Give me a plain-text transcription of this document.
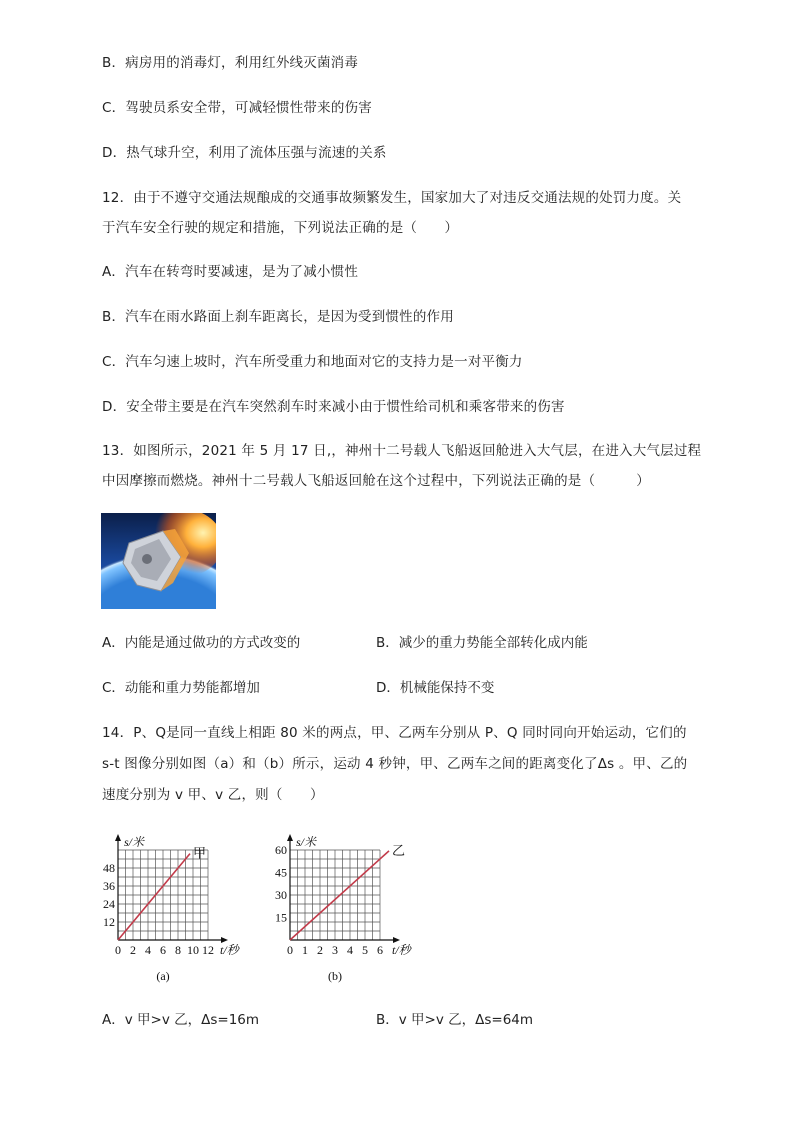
B．病房用的消毒灯，利用红外线灭菌消毒
C．驾驶员系安全带，可减轻惯性带来的伤害
D．热气球升空，利用了流体压强与流速的关系
12．由于不遵守交通法规酿成的交通事故频繁发生，国家加大了对违反交通法规的处罚力度。关
于汽车安全行驶的规定和措施，下列说法正确的是（　　）
A．汽车在转弯时要减速，是为了减小惯性
B．汽车在雨水路面上刹车距离长，是因为受到惯性的作用
C．汽车匀速上坡时，汽车所受重力和地面对它的支持力是一对平衡力
D．安全带主要是在汽车突然刹车时来减小由于惯性给司机和乘客带来的伤害
13．如图所示，2021 年 5 月 17 日,，神州十二号载人飞船返回舱进入大气层，在进入大气层过程
中因摩擦而燃烧。神州十二号载人飞船返回舱在这个过程中，下列说法正确的是（　　　）
A．内能是通过做功的方式改变的	B．减少的重力势能全部转化成内能
C．动能和重力势能都增加	D．机械能保持不变
14．P、Q是同一直线上相距 80 米的两点，甲、乙两车分别从 P、Q 同时同向开始运动，它们的
s-t 图像分别如图（a）和（b）所示，运动 4 秒钟，甲、乙两车之间的距离变化了Δs 。甲、乙的
速度分别为 v 甲、v 乙，则（　　）
s/米
t/秒
0 2 4 6 8 10 12
12
24
36
48
甲
(a)
s/米
t/秒
0 1 2 3 4 5 6
15
30
45
60	乙
(b)
A．v 甲>v 乙，Δs=16m	B．v 甲>v 乙，Δs=64m
